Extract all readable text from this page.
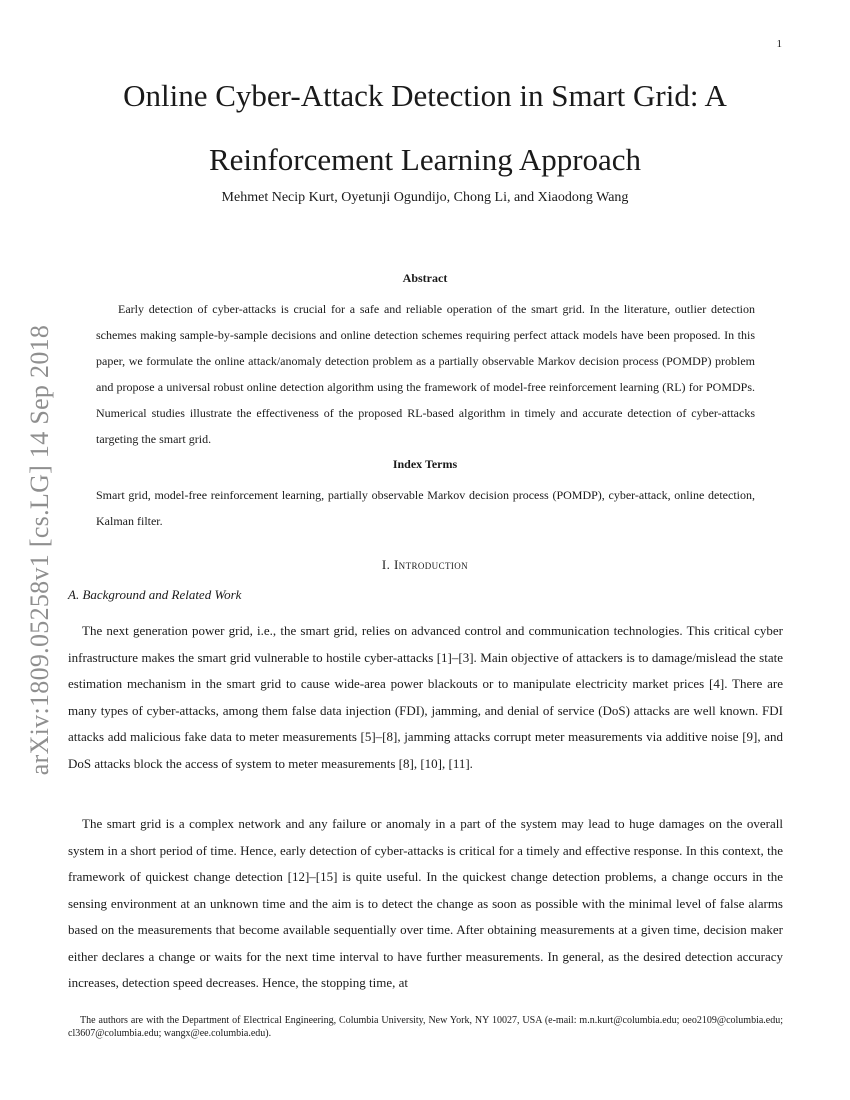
1
arXiv:1809.05258v1 [cs.LG] 14 Sep 2018
Online Cyber-Attack Detection in Smart Grid: A
Reinforcement Learning Approach
Mehmet Necip Kurt, Oyetunji Ogundijo, Chong Li, and Xiaodong Wang
Abstract

Early detection of cyber-attacks is crucial for a safe and reliable operation of the smart grid. In the literature, outlier detection schemes making sample-by-sample decisions and online detection schemes requiring perfect attack models have been proposed. In this paper, we formulate the online attack/anomaly detection problem as a partially observable Markov decision process (POMDP) problem and propose a universal robust online detection algorithm using the framework of model-free reinforcement learning (RL) for POMDPs. Numerical studies illustrate the effectiveness of the proposed RL-based algorithm in timely and accurate detection of cyber-attacks targeting the smart grid.

Index Terms

Smart grid, model-free reinforcement learning, partially observable Markov decision process (POMDP), cyber-attack, online detection, Kalman filter.

I. Introduction
A. Background and Related Work

The next generation power grid, i.e., the smart grid, relies on advanced control and communication technologies. This critical cyber infrastructure makes the smart grid vulnerable to hostile cyber-attacks [1]–[3]. Main objective of attackers is to damage/mislead the state estimation mechanism in the smart grid to cause wide-area power blackouts or to manipulate electricity market prices [4]. There are many types of cyber-attacks, among them false data injection (FDI), jamming, and denial of service (DoS) attacks are well known. FDI attacks add malicious fake data to meter measurements [5]–[8], jamming attacks corrupt meter measurements via additive noise [9], and DoS attacks block the access of system to meter measurements [8], [10], [11].

The smart grid is a complex network and any failure or anomaly in a part of the system may lead to huge damages on the overall system in a short period of time. Hence, early detection of cyber-attacks is critical for a timely and effective response. In this context, the framework of quickest change detection [12]–[15] is quite useful. In the quickest change detection problems, a change occurs in the sensing environment at an unknown time and the aim is to detect the change as soon as possible with the minimal level of false alarms based on the measurements that become available sequentially over time. After obtaining measurements at a given time, decision maker either declares a change or waits for the next time interval to have further measurements. In general, as the desired detection accuracy increases, detection speed decreases. Hence, the stopping time, at

The authors are with the Department of Electrical Engineering, Columbia University, New York, NY 10027, USA (e-mail: m.n.kurt@columbia.edu; oeo2109@columbia.edu; cl3607@columbia.edu; wangx@ee.columbia.edu).
